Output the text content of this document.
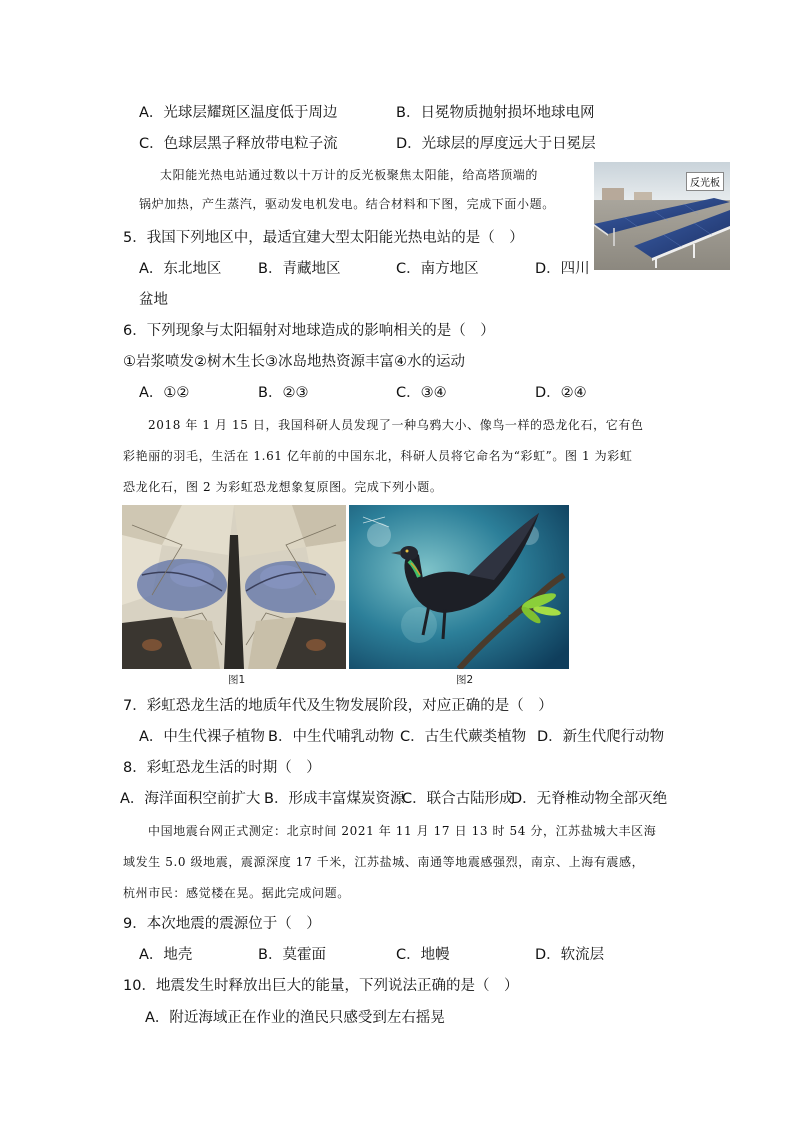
A．光球层耀斑区温度低于周边	B．日冕物质抛射损坏地球电网
C．色球层黑子释放带电粒子流	D．光球层的厚度远大于日冕层
太阳能光热电站通过数以十万计的反光板聚焦太阳能，给高塔顶端的
锅炉加热，产生蒸汽，驱动发电机发电。结合材料和下图，完成下面小题。
反光板
5．我国下列地区中，最适宜建大型太阳能光热电站的是（　）
A．东北地区	B．青藏地区	C．南方地区	D．四川
盆地
6．下列现象与太阳辐射对地球造成的影响相关的是（　）
①岩浆喷发②树木生长③冰岛地热资源丰富④水的运动
A．①②	B．②③	C．③④	D．②④
2018 年 1 月 15 日，我国科研人员发现了一种乌鸦大小、像鸟一样的恐龙化石，它有色
彩艳丽的羽毛，生活在 1.61 亿年前的中国东北，科研人员将它命名为“彩虹”。图 1 为彩虹
恐龙化石，图 2 为彩虹恐龙想象复原图。完成下列小题。
图1	图2
7．彩虹恐龙生活的地质年代及生物发展阶段，对应正确的是（　）
A．中生代裸子植物 B．中生代哺乳动物 C．古生代蕨类植物 D．新生代爬行动物
8．彩虹恐龙生活的时期（　）
A．海洋面积空前扩大 B．形成丰富煤炭资源
C．联合古陆形成
D．无脊椎动物全部灭绝
中国地震台网正式测定：北京时间 2021 年 11 月 17 日 13 时 54 分，江苏盐城大丰区海
域发生 5.0 级地震，震源深度 17 千米，江苏盐城、南通等地震感强烈，南京、上海有震感，
杭州市民：感觉楼在晃。据此完成问题。
9．本次地震的震源位于（　）
A．地壳	B．莫霍面	C．地幔	D．软流层
10．地震发生时释放出巨大的能量，下列说法正确的是（　）
A．附近海域正在作业的渔民只感受到左右摇晃
